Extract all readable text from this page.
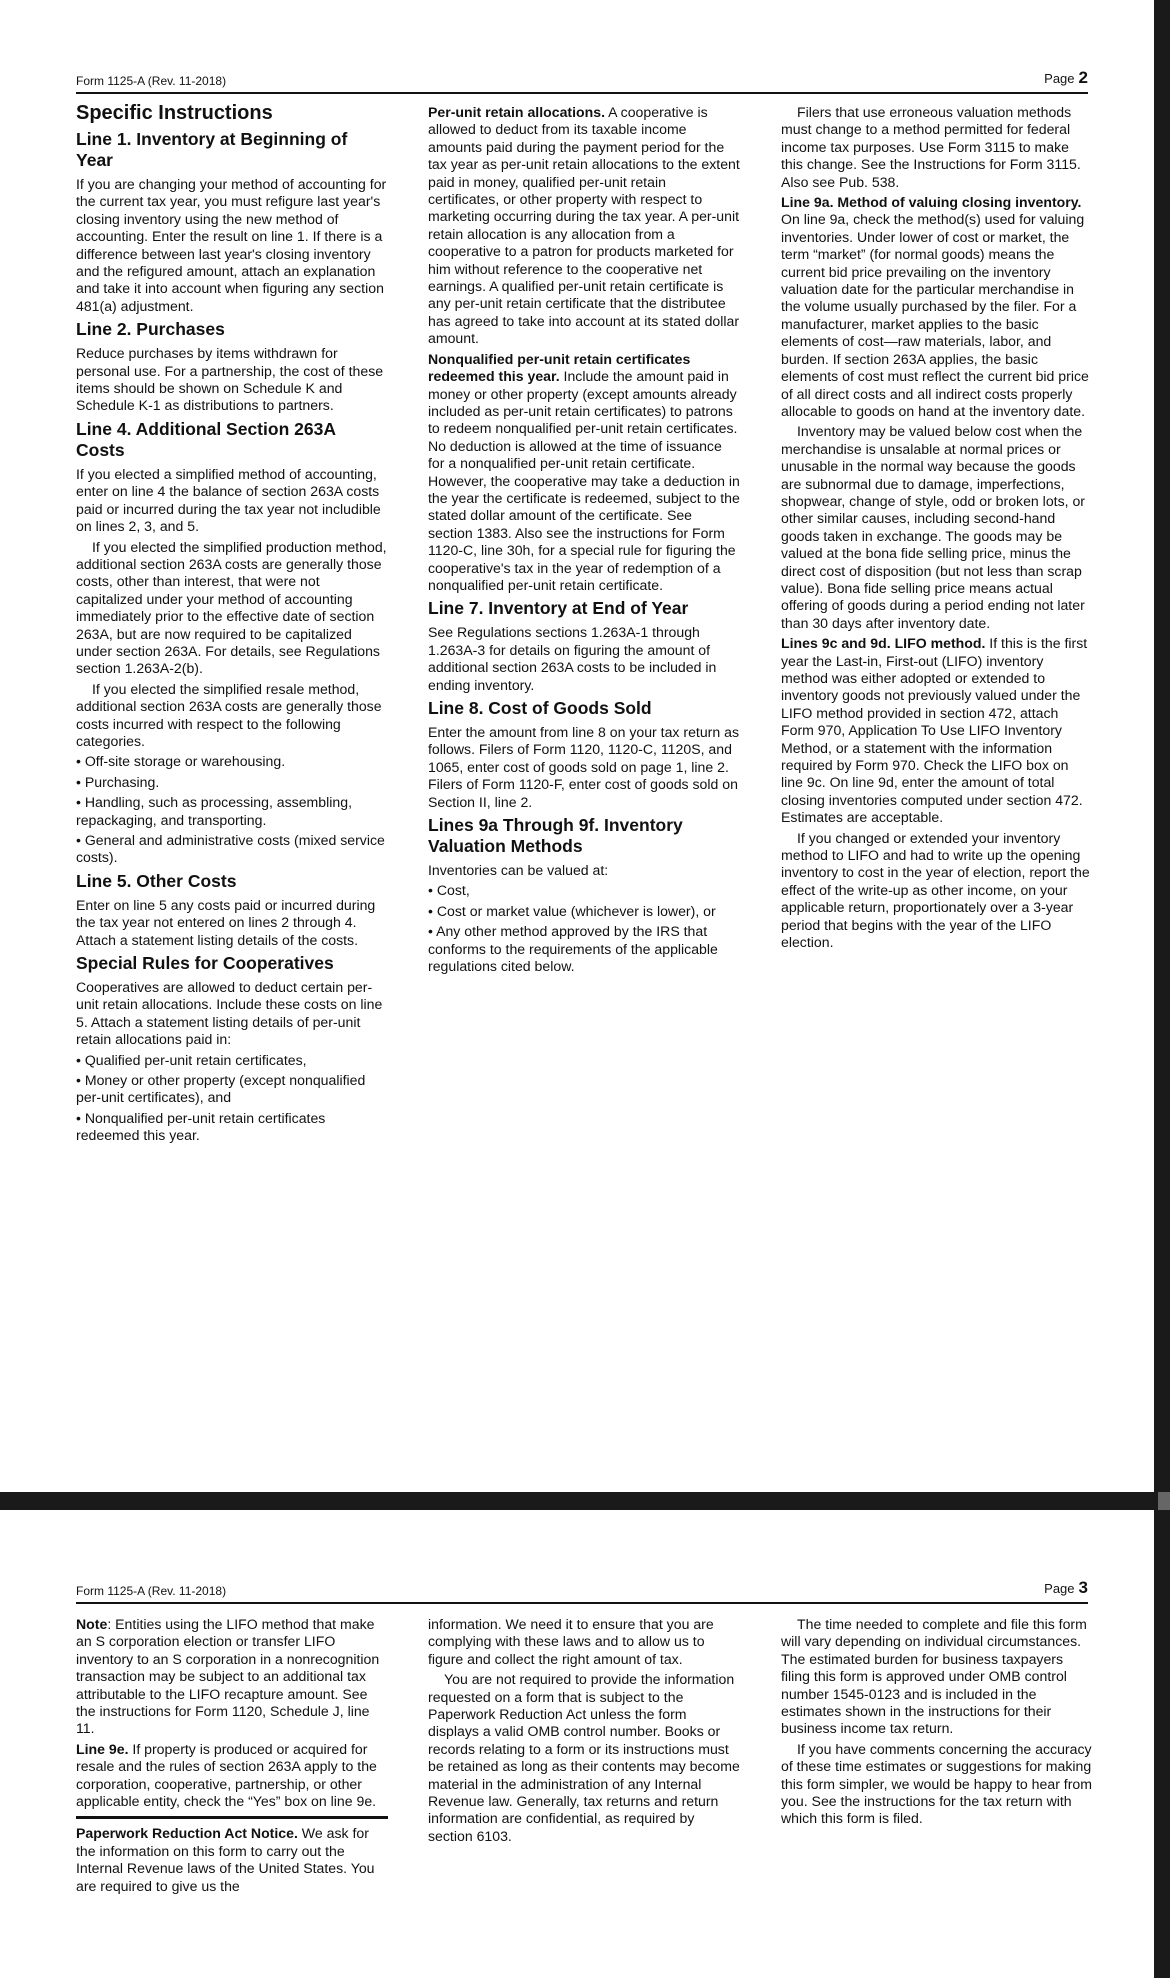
Form 1125-A (Rev. 11-2018)	Page 2
Specific Instructions
Line 1. Inventory at Beginning of Year

If you are changing your method of accounting for the current tax year, you must refigure last year's closing inventory using the new method of accounting. Enter the result on line 1. If there is a difference between last year's closing inventory and the refigured amount, attach an explanation and take it into account when figuring any section 481(a) adjustment.

Line 2. Purchases

Reduce purchases by items withdrawn for personal use. For a partnership, the cost of these items should be shown on Schedule K and Schedule K-1 as distributions to partners.

Line 4. Additional Section 263A Costs

If you elected a simplified method of accounting, enter on line 4 the balance of section 263A costs paid or incurred during the tax year not includible on lines 2, 3, and 5.

If you elected the simplified production method, additional section 263A costs are generally those costs, other than interest, that were not capitalized under your method of accounting immediately prior to the effective date of section 263A, but are now required to be capitalized under section 263A. For details, see Regulations section 1.263A-2(b).

If you elected the simplified resale method, additional section 263A costs are generally those costs incurred with respect to the following categories.

• Off-site storage or warehousing.
• Purchasing.
• Handling, such as processing, assembling, repackaging, and transporting.
• General and administrative costs (mixed service costs).
Line 5. Other Costs

Enter on line 5 any costs paid or incurred during the tax year not entered on lines 2 through 4. Attach a statement listing details of the costs.

Special Rules for Cooperatives

Cooperatives are allowed to deduct certain per-unit retain allocations. Include these costs on line 5. Attach a statement listing details of per-unit retain allocations paid in:

• Qualified per-unit retain certificates,
• Money or other property (except nonqualified per-unit certificates), and
• Nonqualified per-unit retain certificates redeemed this year.

Per-unit retain allocations. A cooperative is allowed to deduct from its taxable income amounts paid during the payment period for the tax year as per-unit retain allocations to the extent paid in money, qualified per-unit retain certificates, or other property with respect to marketing occurring during the tax year. A per-unit retain allocation is any allocation from a cooperative to a patron for products marketed for him without reference to the cooperative net earnings. A qualified per-unit retain certificate is any per-unit retain certificate that the distributee has agreed to take into account at its stated dollar amount.

Nonqualified per-unit retain certificates redeemed this year. Include the amount paid in money or other property (except amounts already included as per-unit retain certificates) to patrons to redeem nonqualified per-unit retain certificates. No deduction is allowed at the time of issuance for a nonqualified per-unit retain certificate. However, the cooperative may take a deduction in the year the certificate is redeemed, subject to the stated dollar amount of the certificate. See section 1383. Also see the instructions for Form 1120-C, line 30h, for a special rule for figuring the cooperative's tax in the year of redemption of a nonqualified per-unit retain certificate.

Line 7. Inventory at End of Year

See Regulations sections 1.263A-1 through 1.263A-3 for details on figuring the amount of additional section 263A costs to be included in ending inventory.

Line 8. Cost of Goods Sold

Enter the amount from line 8 on your tax return as follows. Filers of Form 1120, 1120-C, 1120S, and 1065, enter cost of goods sold on page 1, line 2. Filers of Form 1120-F, enter cost of goods sold on Section II, line 2.

Lines 9a Through 9f. Inventory Valuation Methods

Inventories can be valued at:

• Cost,
• Cost or market value (whichever is lower), or
• Any other method approved by the IRS that conforms to the requirements of the applicable regulations cited below.

Filers that use erroneous valuation methods must change to a method permitted for federal income tax purposes. Use Form 3115 to make this change. See the Instructions for Form 3115. Also see Pub. 538.

Line 9a. Method of valuing closing inventory. On line 9a, check the method(s) used for valuing inventories. Under lower of cost or market, the term “market” (for normal goods) means the current bid price prevailing on the inventory valuation date for the particular merchandise in the volume usually purchased by the filer. For a manufacturer, market applies to the basic elements of cost—raw materials, labor, and burden. If section 263A applies, the basic elements of cost must reflect the current bid price of all direct costs and all indirect costs properly allocable to goods on hand at the inventory date.

Inventory may be valued below cost when the merchandise is unsalable at normal prices or unusable in the normal way because the goods are subnormal due to damage, imperfections, shopwear, change of style, odd or broken lots, or other similar causes, including second-hand goods taken in exchange. The goods may be valued at the bona fide selling price, minus the direct cost of disposition (but not less than scrap value). Bona fide selling price means actual offering of goods during a period ending not later than 30 days after inventory date.

Lines 9c and 9d. LIFO method. If this is the first year the Last-in, First-out (LIFO) inventory method was either adopted or extended to inventory goods not previously valued under the LIFO method provided in section 472, attach Form 970, Application To Use LIFO Inventory Method, or a statement with the information required by Form 970. Check the LIFO box on line 9c. On line 9d, enter the amount of total closing inventories computed under section 472. Estimates are acceptable.

If you changed or extended your inventory method to LIFO and had to write up the opening inventory to cost in the year of election, report the effect of the write-up as other income, on your applicable return, proportionately over a 3-year period that begins with the year of the LIFO election.

Form 1125-A (Rev. 11-2018)	Page 3

Note: Entities using the LIFO method that make an S corporation election or transfer LIFO inventory to an S corporation in a nonrecognition transaction may be subject to an additional tax attributable to the LIFO recapture amount. See the instructions for Form 1120, Schedule J, line 11.

Line 9e. If property is produced or acquired for resale and the rules of section 263A apply to the corporation, cooperative, partnership, or other applicable entity, check the “Yes” box on line 9e.

Paperwork Reduction Act Notice. We ask for the information on this form to carry out the Internal Revenue laws of the United States. You are required to give us the

information. We need it to ensure that you are complying with these laws and to allow us to figure and collect the right amount of tax.

You are not required to provide the information requested on a form that is subject to the Paperwork Reduction Act unless the form displays a valid OMB control number. Books or records relating to a form or its instructions must be retained as long as their contents may become material in the administration of any Internal Revenue law. Generally, tax returns and return information are confidential, as required by section 6103.

The time needed to complete and file this form will vary depending on individual circumstances. The estimated burden for business taxpayers filing this form is approved under OMB control number 1545-0123 and is included in the estimates shown in the instructions for their business income tax return.

If you have comments concerning the accuracy of these time estimates or suggestions for making this form simpler, we would be happy to hear from you. See the instructions for the tax return with which this form is filed.
